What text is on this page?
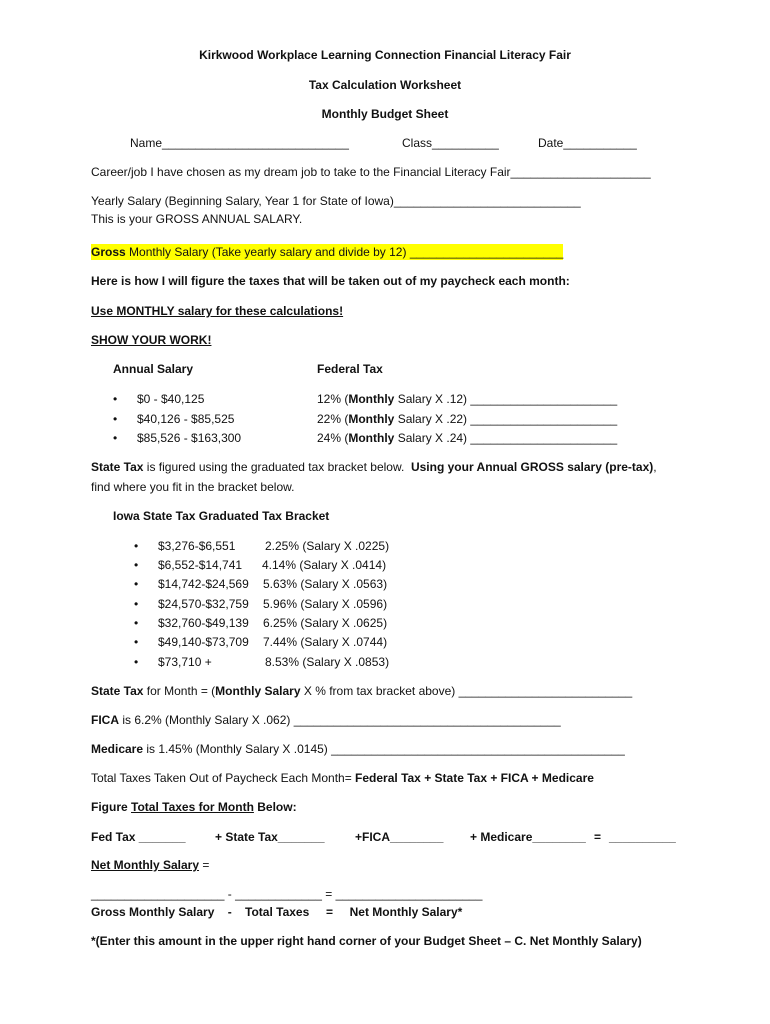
Kirkwood Workplace Learning Connection Financial Literacy Fair
Tax Calculation Worksheet
Monthly Budget Sheet
Name____________________________	Class__________	Date___________
Career/job I have chosen as my dream job to take to the Financial Literacy Fair_____________________
Yearly Salary (Beginning Salary, Year 1 for State of Iowa)____________________________
This is your GROSS ANNUAL SALARY.
Gross Monthly Salary (Take yearly salary and divide by 12) _______________________
Here is how I will figure the taxes that will be taken out of my paycheck each month:
Use MONTHLY salary for these calculations!
SHOW YOUR WORK!
Annual Salary	Federal Tax
• $0 - $40,125	12% (Monthly Salary X .12) ______________________
• $40,126 - $85,525	22% (Monthly Salary X .22) ______________________
• $85,526 - $163,300	24% (Monthly Salary X .24) ______________________
State Tax is figured using the graduated tax bracket below.  Using your Annual GROSS salary (pre-tax),
find where you fit in the bracket below.
Iowa State Tax Graduated Tax Bracket
• $3,276-$6,551 2.25% (Salary X .0225)
• $6,552-$14,741 4.14% (Salary X .0414)
• $14,742-$24,569 5.63% (Salary X .0563)
• $24,570-$32,759 5.96% (Salary X .0596)
• $32,760-$49,139 6.25% (Salary X .0625)
• $49,140-$73,709 7.44% (Salary X .0744)
• $73,710 +	8.53% (Salary X .0853)
State Tax for Month = (Monthly Salary X % from tax bracket above) __________________________
FICA is 6.2% (Monthly Salary X .062) ________________________________________
Medicare is 1.45% (Monthly Salary X .0145) ____________________________________________
Total Taxes Taken Out of Paycheck Each Month= Federal Tax + State Tax + FICA + Medicare
Figure Total Taxes for Month Below:
Fed Tax _______ + State Tax_______	+FICA________ + Medicare________ = __________
Net Monthly Salary =
____________________ - _____________ = ______________________
Gross Monthly Salary    -    Total Taxes     =     Net Monthly Salary*
*(Enter this amount in the upper right hand corner of your Budget Sheet – C. Net Monthly Salary)
